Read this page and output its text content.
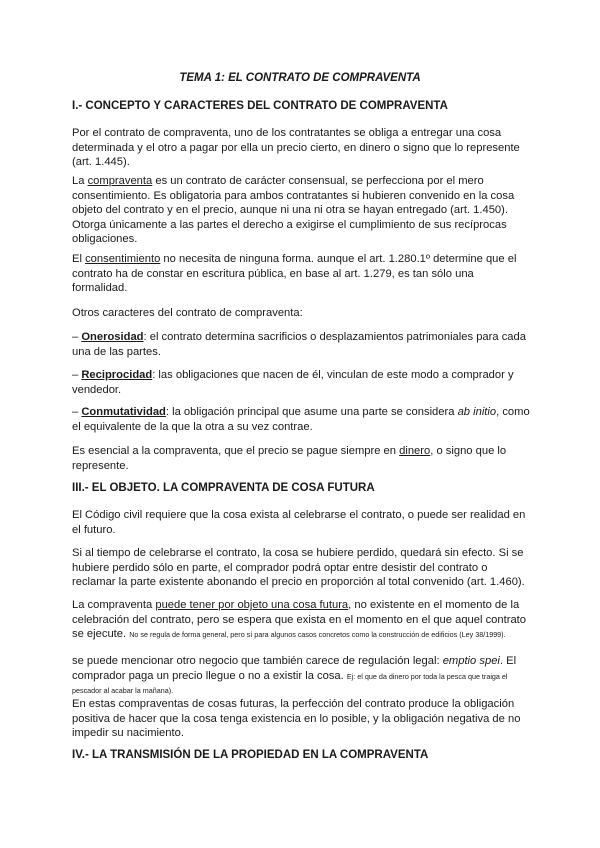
TEMA 1: EL CONTRATO DE COMPRAVENTA
I.- CONCEPTO Y CARACTERES DEL CONTRATO DE COMPRAVENTA
Por el contrato de compraventa, uno de los contratantes se obliga a entregar una cosa determinada y el otro a pagar por ella un precio cierto, en dinero o signo que lo represente (art. 1.445).
La compraventa es un contrato de carácter consensual, se perfecciona por el mero consentimiento. Es obligatoria para ambos contratantes si hubieren convenido en la cosa objeto del contrato y en el precio, aunque ni una ni otra se hayan entregado (art. 1.450). Otorga únicamente a las partes el derecho a exigirse el cumplimiento de sus recíprocas obligaciones.
El consentimiento no necesita de ninguna forma. aunque el art. 1.280.1º determine que el contrato ha de constar en escritura pública, en base al art. 1.279, es tan sólo una formalidad.
Otros caracteres del contrato de compraventa:
– Onerosidad: el contrato determina sacrificios o desplazamientos patrimoniales para cada una de las partes.
– Reciprocidad: las obligaciones que nacen de él, vinculan de este modo a comprador y vendedor.
– Conmutatividad: la obligación principal que asume una parte se considera ab initio, como el equivalente de la que la otra a su vez contrae.
Es esencial a la compraventa, que el precio se pague siempre en dinero, o signo que lo represente.
III.- EL OBJETO. LA COMPRAVENTA DE COSA FUTURA
El Código civil requiere que la cosa exista al celebrarse el contrato, o puede ser realidad en el futuro.
Si al tiempo de celebrarse el contrato, la cosa se hubiere perdido, quedará sin efecto. Si se hubiere perdido sólo en parte, el comprador podrá optar entre desistir del contrato o reclamar la parte existente abonando el precio en proporción al total convenido (art. 1.460).
La compraventa puede tener por objeto una cosa futura, no existente en el momento de la celebración del contrato, pero se espera que exista en el momento en el que aquel contrato se ejecute. No se regula de forma general, pero sí para algunos casos concretos como la construcción de edificios (Ley 38/1999).
se puede mencionar otro negocio que también carece de regulación legal: emptio spei. El comprador paga un precio llegue o no a existir la cosa. Ej: el que da dinero por toda la pesca que traiga el pescador al acabar la mañana).
En estas compraventas de cosas futuras, la perfección del contrato produce la obligación positiva de hacer que la cosa tenga existencia en lo posible, y la obligación negativa de no impedir su nacimiento.
IV.- LA TRANSMISIÓN DE LA PROPIEDAD EN LA COMPRAVENTA
